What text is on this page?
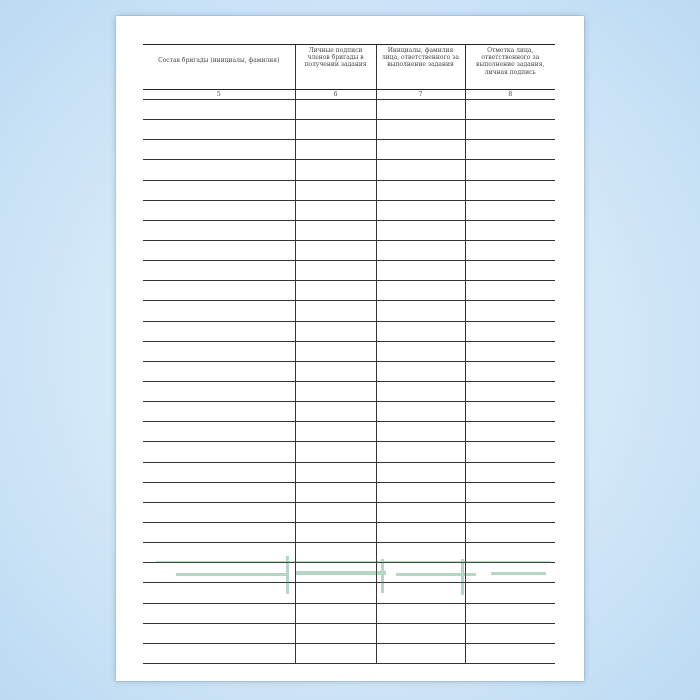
Состав бригады (инициалы, фамилия)	Личные подписи членов бригады в получении задания	Инициалы, фамилия лица, ответственного за выполнение задания	Отметка лица, ответственного за выполнение задания, личная подпись
5	6	7	8
